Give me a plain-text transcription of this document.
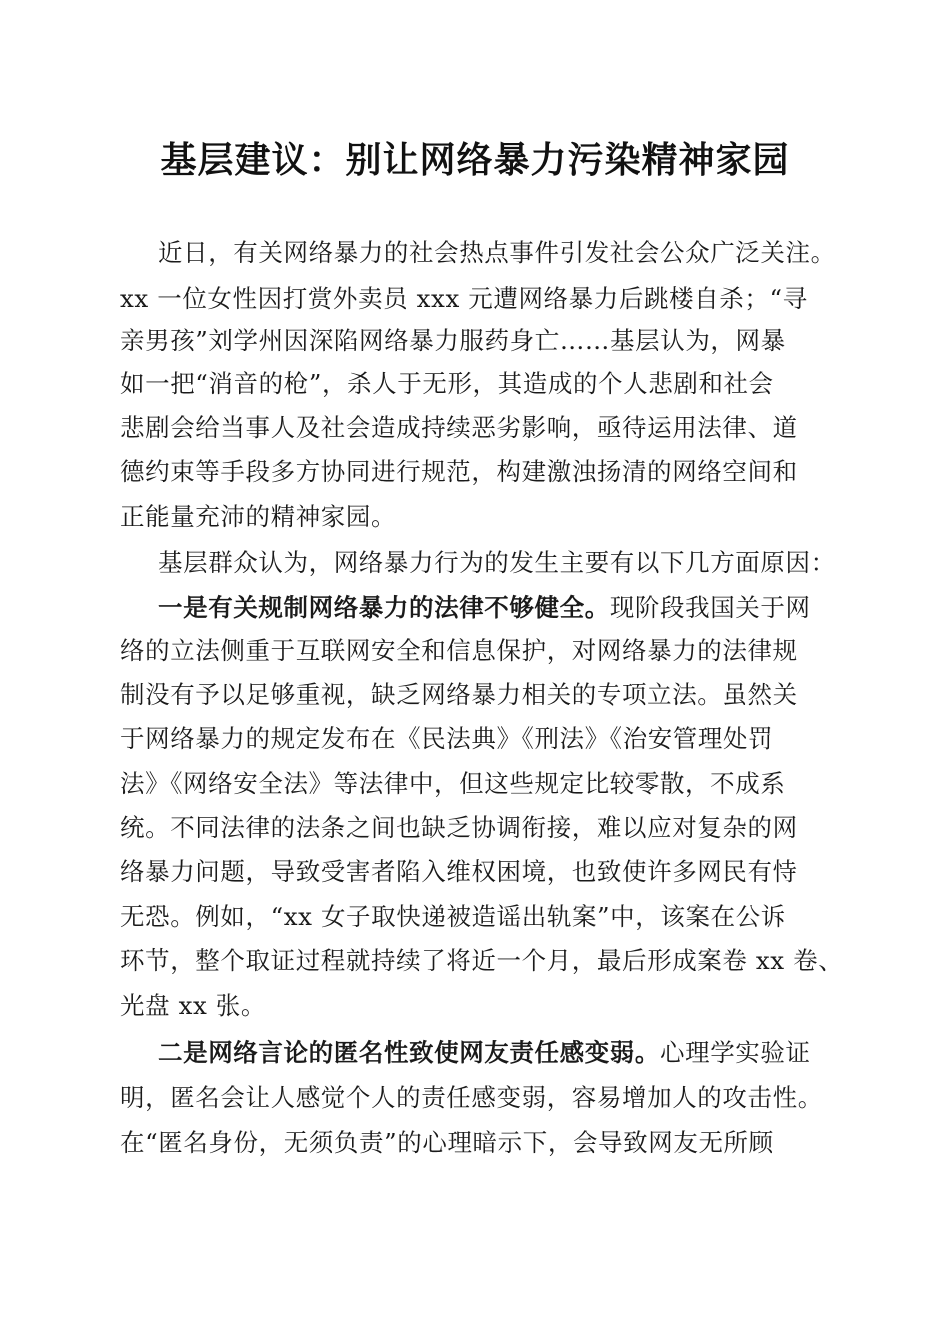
基层建议：别让网络暴力污染精神家园

近日，有关网络暴力的社会热点事件引发社会公众广泛关注。

xx 一位女性因打赏外卖员 xxx 元遭网络暴力后跳楼自杀；“寻

亲男孩”刘学州因深陷网络暴力服药身亡……基层认为，网暴

如一把“消音的枪”，杀人于无形，其造成的个人悲剧和社会

悲剧会给当事人及社会造成持续恶劣影响，亟待运用法律、道

德约束等手段多方协同进行规范，构建激浊扬清的网络空间和

正能量充沛的精神家园。

基层群众认为，网络暴力行为的发生主要有以下几方面原因：

一是有关规制网络暴力的法律不够健全。现阶段我国关于网

络的立法侧重于互联网安全和信息保护，对网络暴力的法律规

制没有予以足够重视，缺乏网络暴力相关的专项立法。虽然关

于网络暴力的规定发布在《民法典》《刑法》《治安管理处罚

法》《网络安全法》等法律中，但这些规定比较零散，不成系

统。不同法律的法条之间也缺乏协调衔接，难以应对复杂的网

络暴力问题，导致受害者陷入维权困境，也致使许多网民有恃

无恐。例如，“xx 女子取快递被造谣出轨案”中，该案在公诉

环节，整个取证过程就持续了将近一个月，最后形成案卷 xx 卷、

光盘 xx 张。

二是网络言论的匿名性致使网友责任感变弱。心理学实验证

明，匿名会让人感觉个人的责任感变弱，容易增加人的攻击性。

在“匿名身份，无须负责”的心理暗示下，会导致网友无所顾
